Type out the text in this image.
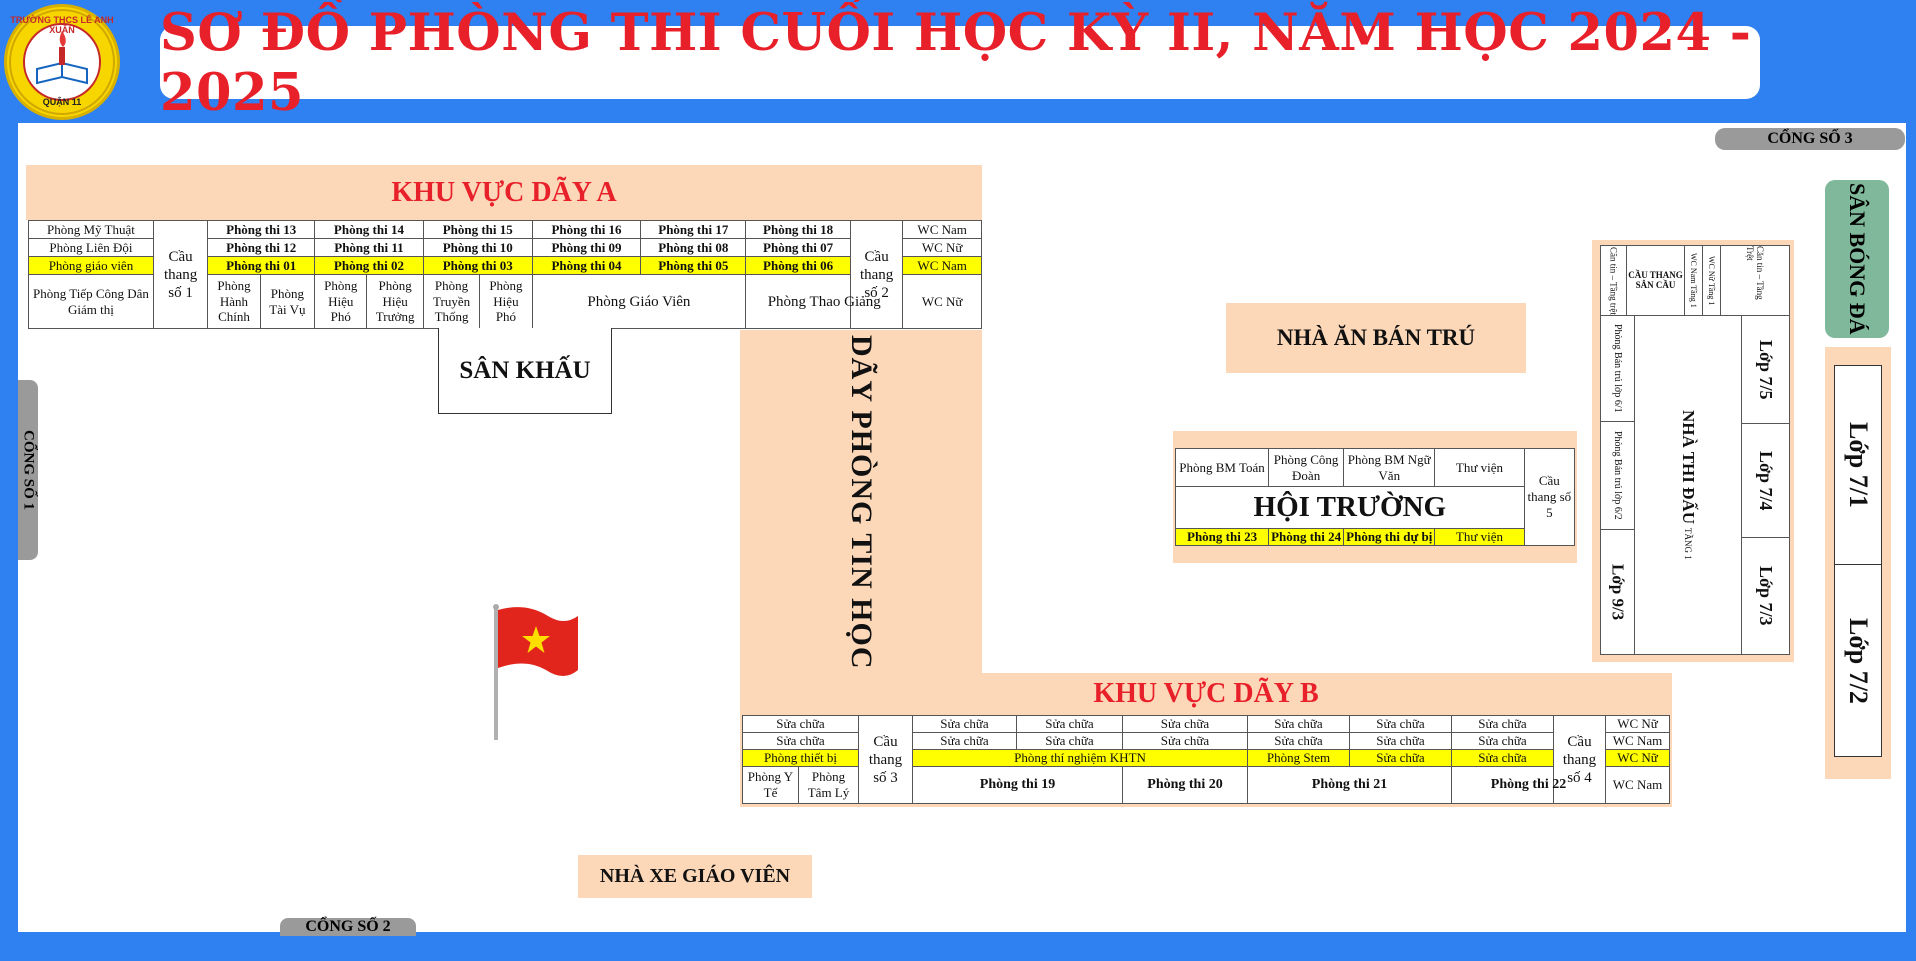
TRƯỜNG THCS LÊ ANH XUÂN
QUẬN 11
SƠ ĐỒ PHÒNG THI CUỐI HỌC KỲ II, NĂM HỌC 2024 - 2025
CỔNG SỐ 3
CỔNG SỐ 1
CỔNG SỐ 2
KHU VỰC DÃY A
Phòng Mỹ Thuật	Cầu thang số 1	Phòng thi 13		Phòng thi 14		Phòng thi 15		Phòng thi 16	Phòng thi 17	Phòng thi 18	Cầu thang số 2	WC Nam
Phòng Liên Đội		Phòng thi 12		Phòng thi 11		Phòng thi 10		Phòng thi 09	Phòng thi 08	Phòng thi 07		WC Nữ
Phòng giáo viên		Phòng thi 01		Phòng thi 02		Phòng thi 03		Phòng thi 04	Phòng thi 05	Phòng thi 06		WC Nam
Phòng Tiếp Công Dân Giám thị		Phòng Hành Chính	Phòng Tài Vụ	Phòng Hiệu Phó	Phòng Hiệu Trưởng	Phòng Truyền Thống	Phòng Hiệu Phó	Phòng Giáo Viên		Phòng Thao Giảng		WC Nữ
SÂN KHẤU	DÃY PHÒNG TIN HỌC
NHÀ XE GIÁO VIÊN
NHÀ ĂN BÁN TRÚ
Phòng BM Toán	Phòng Công Đoàn	Phòng BM Ngữ Văn	Thư viện	Cầu thang số 5
HỘI TRƯỜNG				
Phòng thi 23	Phòng thi 24	Phòng thi dự bị	Thư viện	
KHU VỰC DÃY B
Sửa chữa		Cầu thang số 3	Sửa chữa	Sửa chữa	Sửa chữa	Sửa chữa	Sửa chữa	Sửa chữa	Cầu thang số 4	WC Nữ
Sửa chữa			Sửa chữa	Sửa chữa	Sửa chữa	Sửa chữa	Sửa chữa	Sửa chữa		WC Nam
Phòng thiết bị			Phòng thí nghiệm KHTN			Phòng Stem	Sửa chữa	Sửa chữa		WC Nữ
Phòng Y Tế	Phòng Tâm Lý		Phòng thi 19		Phòng thi 20	Phòng thi 21		Phòng thi 22		WC Nam
Căn tin – Tầng trệt	CẦU THANG SÂN CẦU	WC Nam Tầng 1	WC Nữ Tầng 1	Căn tin – Tầng Trệt
Phòng Bán trú lớp 6/1
Phòng Bán trú lớp 6/2
Lớp 9/3
NHÀ THI ĐẤU
TẦNG 1
Lớp 7/5
Lớp 7/4
Lớp 7/3
SÂN BÓNG ĐÁ
Lớp 7/1
Lớp 7/2
